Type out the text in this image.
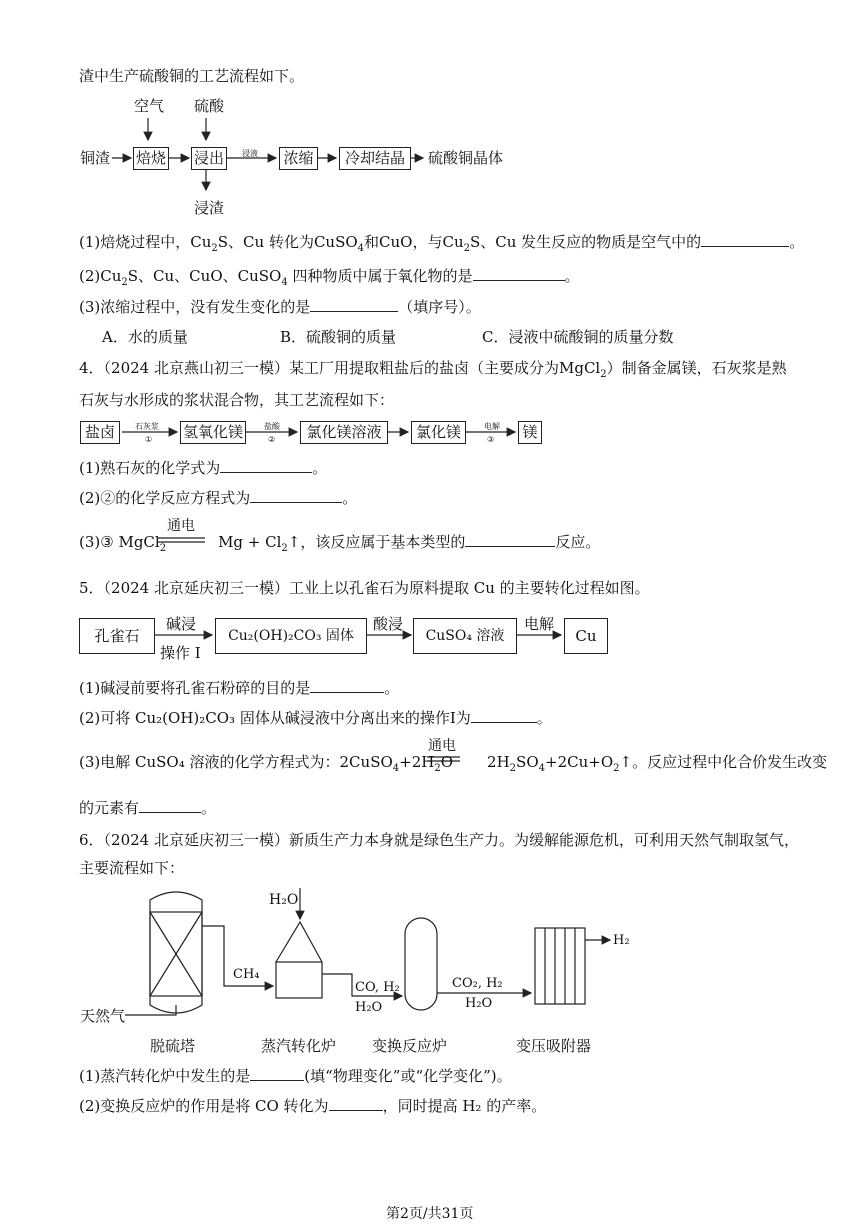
渣中生产硫酸铜的工艺流程如下。
空气 硫酸
铜渣 焙烧 浸出	浸液 浓缩	冷却结晶	硫酸铜晶体
浸渣
(1)焙烧过程中，$Cu_2S$、Cu 转化为CuSO$_4$和CuO，与$Cu_2S$、Cu 发生反应的物质是空气中的	。
$(2)Cu_2S$、Cu、CuO、CuSO$_4$ 四种物质中属于氧化物的是	。
(3)浓缩过程中，没有发生变化的是	（填序号）。
A．水的质量	B．硫酸铜的质量	C．浸液中硫酸铜的质量分数
4．（2024 北京燕山初三一模）某工厂用提取粗盐后的盐卤（主要成分为MgCl$_2$）制备金属镁，石灰浆是熟
石灰与水形成的浆状混合物，其工艺流程如下：
盐卤	石灰浆
① 氢氧化镁	盐酸
②	氯化镁溶液	氯化镁	电解
③ 镁
(1)熟石灰的化学式为	。
(2)②的化学反应方程式为	。
通电
(3)③ MgCl$_2$	$Mg + Cl_2↑$，该反应属于基本类型的	反应。
5．（2024 北京延庆初三一模）工业上以孔雀石为原料提取 Cu 的主要转化过程如图。
孔雀石
碱浸
操作 I
Cu₂(OH)₂CO₃ 固体
酸浸
CuSO₄ 溶液
电解
Cu
(1)碱浸前要将孔雀石粉碎的目的是	。
(2)可将 Cu₂(OH)₂CO₃ 固体从碱浸液中分离出来的操作I为	。
通电
(3)电解 CuSO₄ 溶液的化学方程式为：$2CuSO_4+2H_2O$ $2H_2SO_4+2Cu+O_2↑$。反应过程中化合价发生改变
的元素有	。
6．（2024 北京延庆初三一模）新质生产力本身就是绿色生产力。为缓解能源危机，可利用天然气制取氢气，
主要流程如下：
H₂O
CH₄
CO, H₂
H₂O
CO₂, H₂
H₂O
H₂
天然气
脱硫塔	蒸汽转化炉 变换反应炉	变压吸附器
(1)蒸汽转化炉中发生的是	(填“物理变化”或“化学变化”)。
(2)变换反应炉的作用是将 CO 转化为	，同时提高 H₂ 的产率。
第2页/共31页
